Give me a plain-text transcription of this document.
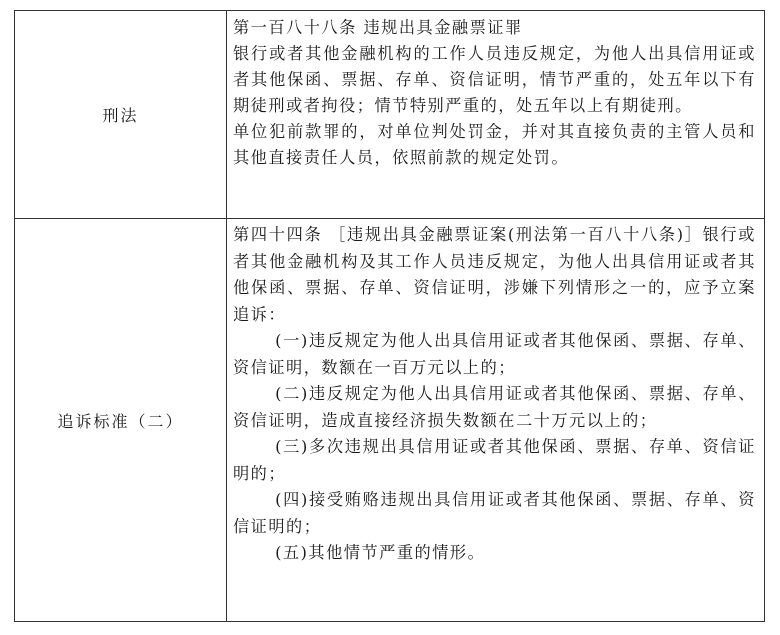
刑法

第一百八十八条 违规出具金融票证罪

银行或者其他金融机构的工作人员违反规定，为他人出具信用证或者其他保函、票据、存单、资信证明，情节严重的，处五年以下有期徒刑或者拘役；情节特别严重的，处五年以上有期徒刑。

单位犯前款罪的，对单位判处罚金，并对其直接负责的主管人员和其他直接责任人员，依照前款的规定处罚。

追诉标准（二）

第四十四条 ［违规出具金融票证案(刑法第一百八十八条)］银行或者其他金融机构及其工作人员违反规定，为他人出具信用证或者其他保函、票据、存单、资信证明，涉嫌下列情形之一的，应予立案追诉：

(一)违反规定为他人出具信用证或者其他保函、票据、存单、资信证明，数额在一百万元以上的；

(二)违反规定为他人出具信用证或者其他保函、票据、存单、资信证明，造成直接经济损失数额在二十万元以上的；

(三)多次违规出具信用证或者其他保函、票据、存单、资信证明的；

(四)接受贿赂违规出具信用证或者其他保函、票据、存单、资信证明的；

(五)其他情节严重的情形。
